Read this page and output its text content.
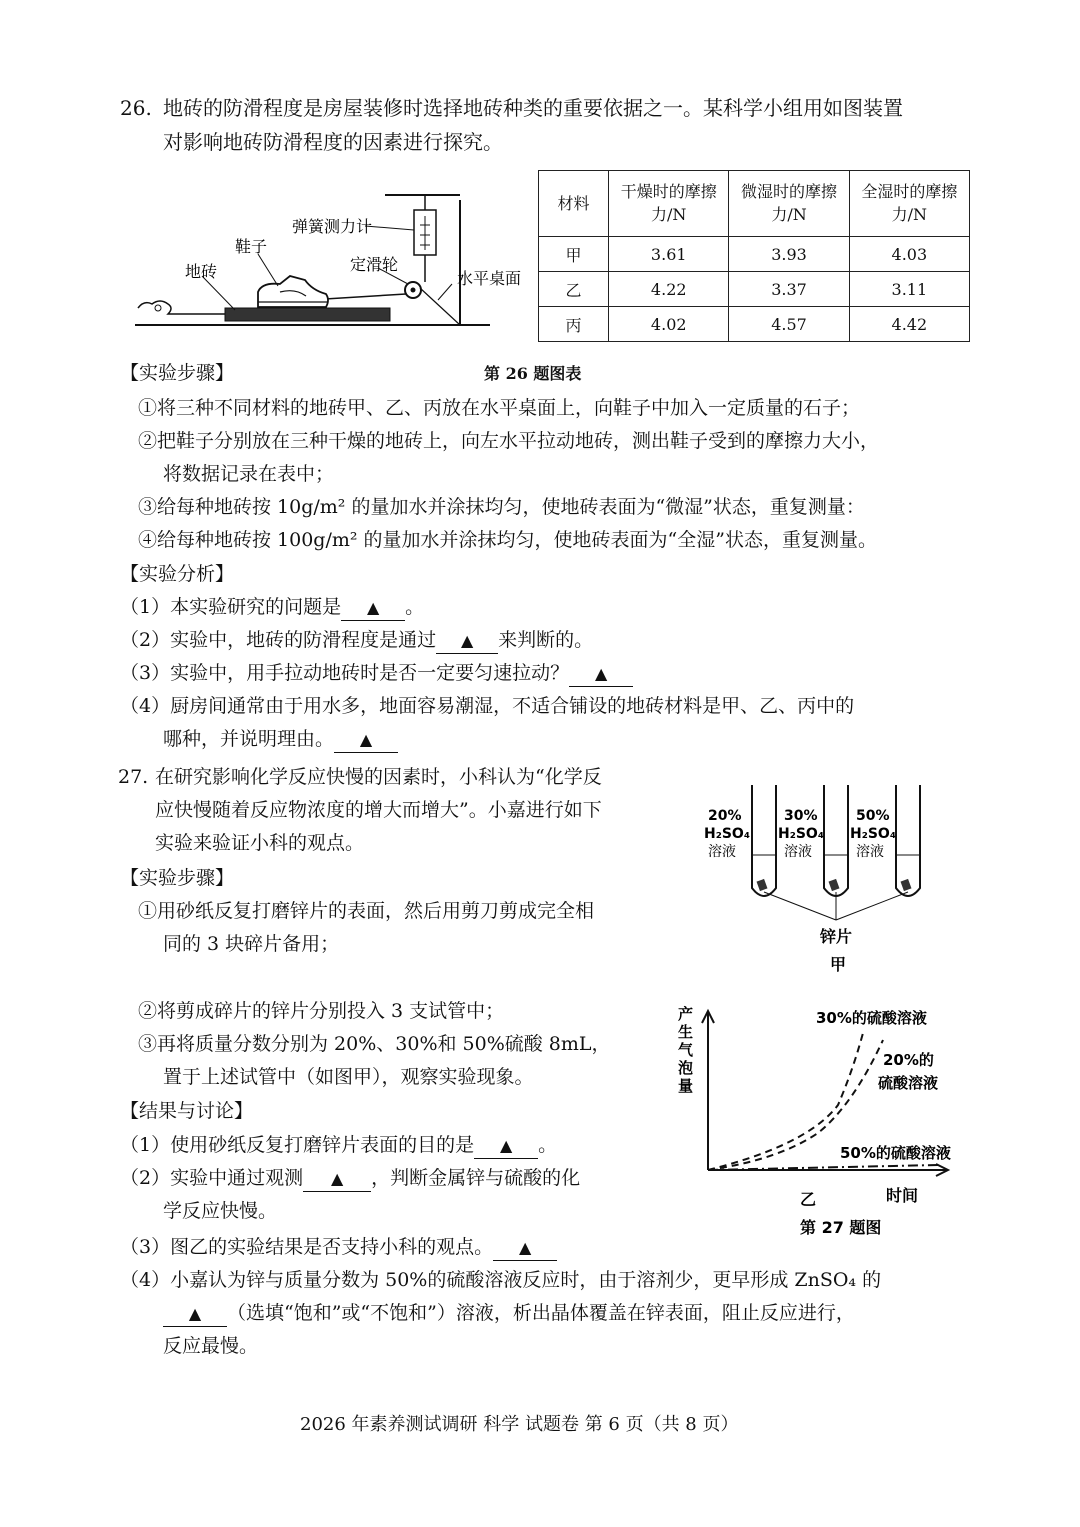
26. 地砖的防滑程度是房屋装修时选择地砖种类的重要依据之一。某科学小组用如图装置
对影响地砖防滑程度的因素进行探究。
弹簧测力计
鞋子
地砖	定滑轮
水平桌面
材料	干燥时的摩擦力/N	微湿时的摩擦力/N	全湿时的摩擦力/N
甲	3.61	3.93	4.03
乙	4.22	3.37	3.11
丙	4.02	4.57	4.42
【实验步骤】	第 26 题图表
①将三种不同材料的地砖甲、乙、丙放在水平桌面上，向鞋子中加入一定质量的石子；
②把鞋子分别放在三种干燥的地砖上，向左水平拉动地砖，测出鞋子受到的摩擦力大小，
将数据记录在表中；
③给每种地砖按 10g/m² 的量加水并涂抹均匀，使地砖表面为“微湿”状态，重复测量：
④给每种地砖按 100g/m² 的量加水并涂抹均匀，使地砖表面为“全湿”状态，重复测量。
【实验分析】
（1）本实验研究的问题是 ▲ 。
（2）实验中，地砖的防滑程度是通过 ▲ 来判断的。
（3）实验中，用手拉动地砖时是否一定要匀速拉动？ ▲
（4）厨房间通常由于用水多，地面容易潮湿，不适合铺设的地砖材料是甲、乙、丙中的
哪种，并说明理由。 ▲
27. 在研究影响化学反应快慢的因素时，小科认为“化学反
应快慢随着反应物浓度的增大而增大”。小嘉进行如下
实验来验证小科的观点。
【实验步骤】
①用砂纸反复打磨锌片的表面，然后用剪刀剪成完全相
同的 3 块碎片备用；
20%
H₂SO₄
溶液
30%
H₂SO₄
溶液
50%
H₂SO₄
溶液
锌片
甲
②将剪成碎片的锌片分别投入 3 支试管中；
③再将质量分数分别为 20%、30%和 50%硫酸 8mL，
置于上述试管中（如图甲），观察实验现象。
产生气泡量
30%的硫酸溶液
20%的
硫酸溶液
50%的硫酸溶液
乙	时间
第 27 题图
【结果与讨论】
（1）使用砂纸反复打磨锌片表面的目的是 ▲ 。
（2）实验中通过观测 ▲ ，判断金属锌与硫酸的化
学反应快慢。
（3）图乙的实验结果是否支持小科的观点。 ▲
（4）小嘉认为锌与质量分数为 50%的硫酸溶液反应时，由于溶剂少，更早形成 ZnSO₄ 的
▲ （选填“饱和”或“不饱和”）溶液，析出晶体覆盖在锌表面，阻止反应进行，
反应最慢。
2026 年素养测试调研 科学 试题卷 第 6 页（共 8 页）
